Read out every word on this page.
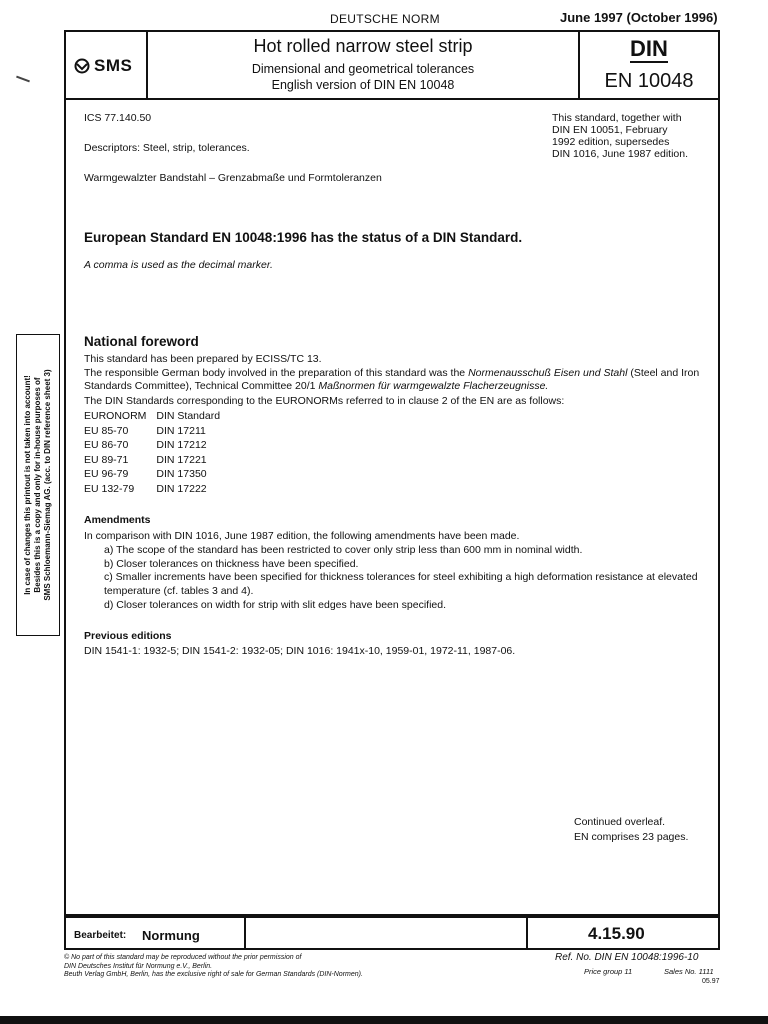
DEUTSCHE NORM	June 1997 (October 1996)
SMS
Hot rolled narrow steel strip
Dimensional and geometrical tolerances
English version of DIN EN 10048
DIN
EN 10048
ICS 77.140.50
Descriptors: Steel, strip, tolerances.
Warmgewalzter Bandstahl – Grenzabmaße und Formtoleranzen
This standard, together with
DIN EN 10051, February
1992 edition, supersedes
DIN 1016, June 1987 edition.
European Standard EN 10048:1996 has the status of a DIN Standard.
A comma is used as the decimal marker.
National foreword
This standard has been prepared by ECISS/TC 13.
The responsible German body involved in the preparation of this standard was the Normenausschuß Eisen und Stahl (Steel and Iron Standards Committee), Technical Committee 20/1 Maßnormen für warmgewalzte Flacherzeugnisse.
The DIN Standards corresponding to the EURONORMs referred to in clause 2 of the EN are as follows:
EURONORM	DIN Standard
EU 85-70	DIN 17211
EU 86-70	DIN 17212
EU 89-71	DIN 17221
EU 96-79	DIN 17350
EU 132-79	DIN 17222
Amendments
In comparison with DIN 1016, June 1987 edition, the following amendments have been made.
a) The scope of the standard has been restricted to cover only strip less than 600 mm in nominal width.
b) Closer tolerances on thickness have been specified.
c) Smaller increments have been specified for thickness tolerances for steel exhibiting a high deformation resistance at elevated temperature (cf. tables 3 and 4).
d) Closer tolerances on width for strip with slit edges have been specified.
Previous editions
DIN 1541-1: 1932-5; DIN 1541-2: 1932-05; DIN 1016: 1941x-10, 1959-01, 1972-11, 1987-06.
Continued overleaf.
EN comprises 23 pages.
Bearbeitet: Normung	4.15.90
© No part of this standard may be reproduced without the prior permission of
DIN Deutsches Institut für Normung e.V., Berlin.
Beuth Verlag GmbH, Berlin, has the exclusive right of sale for German Standards (DIN-Normen).
Ref. No. DIN EN 10048:1996-10
Price group 11	Sales No. 1111
05.97
In case of changes this printout is not taken into account! Besides this is a copy and only for in-house purposes of SMS Schloemann-Siemag AG. (acc. to DIN reference sheet 3)
